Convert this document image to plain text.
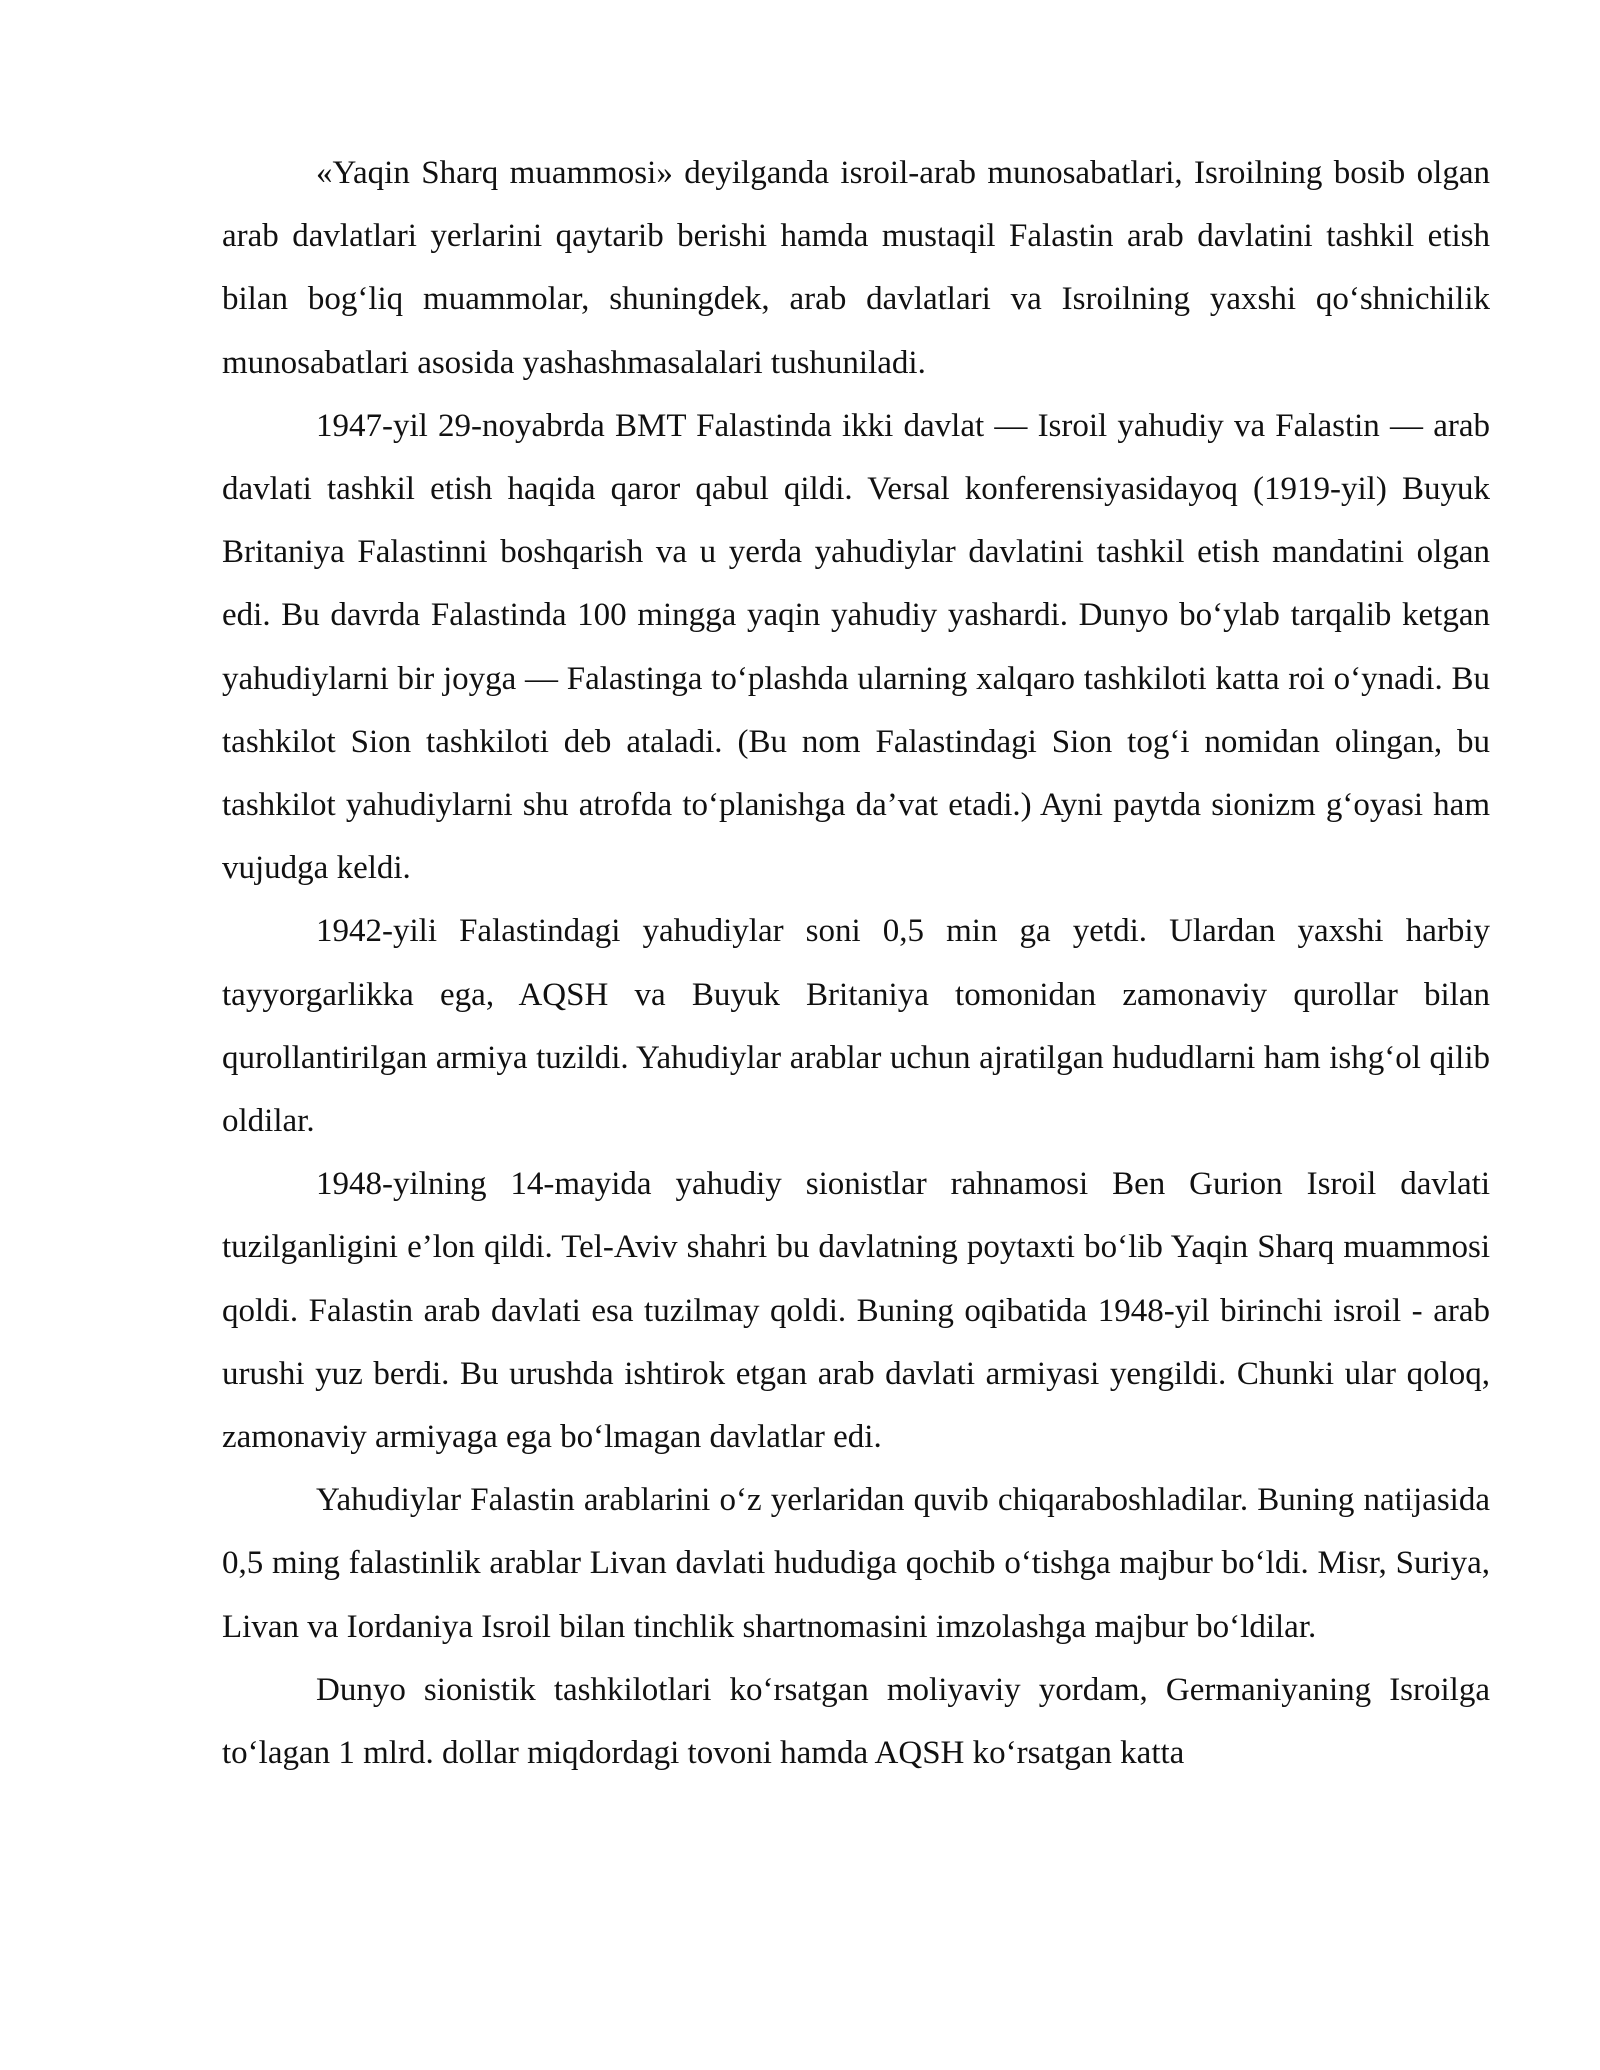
«Yaqin Sharq muammosi» deyilganda isroil-arab munosabatlari, Isroilning bosib olgan arab davlatlari yerlarini qaytarib berishi hamda mustaqil Falastin arab davlatini tashkil etish bilan bog‘liq muammolar, shuningdek, arab davlatlari va Isroilning yaxshi qo‘shnichilik munosabatlari asosida yashashmasalalari tushuniladi.

1947-yil 29-noyabrda BMT Falastinda ikki davlat — Isroil yahudiy va Falastin — arab davlati tashkil etish haqida qaror qabul qildi. Versal konferensiyasidayoq (1919-yil) Buyuk Britaniya Falastinni boshqarish va u yerda yahudiylar davlatini tashkil etish mandatini olgan edi. Bu davrda Falastinda 100 mingga yaqin yahudiy yashardi. Dunyo bo‘ylab tarqalib ketgan yahudiylarni bir joyga — Falastinga to‘plashda ularning xalqaro tashkiloti katta roi o‘ynadi. Bu tashkilot Sion tashkiloti deb ataladi. (Bu nom Falastindagi Sion tog‘i nomidan olingan, bu tashkilot yahudiylarni shu atrofda to‘planishga da’vat etadi.) Ayni paytda sionizm g‘oyasi ham vujudga keldi.

1942-yili Falastindagi yahudiylar soni 0,5 min ga yetdi. Ulardan yaxshi harbiy tayyorgarlikka ega, AQSH va Buyuk Britaniya tomonidan zamonaviy qurollar bilan qurollantirilgan armiya tuzildi. Yahudiylar arablar uchun ajratilgan hududlarni ham ishg‘ol qilib oldilar.

1948-yilning 14-mayida yahudiy sionistlar rahnamosi Ben Gurion Isroil davlati tuzilganligini e’lon qildi. Tel-Aviv shahri bu davlatning poytaxti bo‘lib Yaqin Sharq muammosi qoldi. Falastin arab davlati esa tuzilmay qoldi. Buning oqibatida 1948-yil birinchi isroil - arab urushi yuz berdi. Bu urushda ishtirok etgan arab davlati armiyasi yengildi. Chunki ular qoloq, zamonaviy armiyaga ega bo‘lmagan davlatlar edi.

Yahudiylar Falastin arablarini o‘z yerlaridan quvib chiqaraboshladilar. Buning natijasida 0,5 ming falastinlik arablar Livan davlati hududiga qochib o‘tishga majbur bo‘ldi. Misr, Suriya, Livan va Iordaniya Isroil bilan tinchlik shartnomasini imzolashga majbur bo‘ldilar.

Dunyo sionistik tashkilotlari ko‘rsatgan moliyaviy yordam, Germaniyaning Isroilga to‘lagan 1 mlrd. dollar miqdordagi tovoni hamda AQSH ko‘rsatgan katta
